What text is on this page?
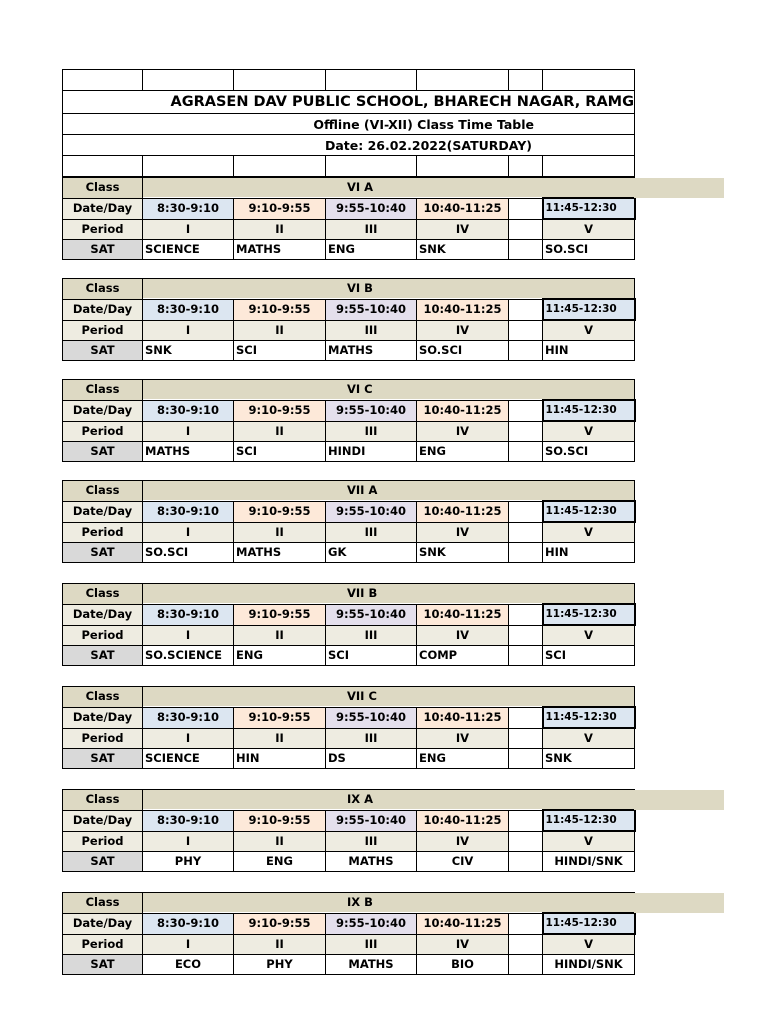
AGRASEN DAV PUBLIC SCHOOL, BHARECH NAGAR, RAMG						
Offline (VI-XII) Class Time Table						
Date: 26.02.2022(SATURDAY)						

Class	VI A					
Date/Day	8:30-9:10	9:10-9:55	9:55-10:40	10:40-11:25		11:45-12:30
Period	I	II	III	IV		V
SAT	SCIENCE	MATHS	ENG	SNK		SO.SCI
Class	VI B					
Date/Day	8:30-9:10	9:10-9:55	9:55-10:40	10:40-11:25		11:45-12:30
Period	I	II	III	IV		V
SAT	SNK	SCI	MATHS	SO.SCI		HIN
Class	VI C					
Date/Day	8:30-9:10	9:10-9:55	9:55-10:40	10:40-11:25		11:45-12:30
Period	I	II	III	IV		V
SAT	MATHS	SCI	HINDI	ENG		SO.SCI
Class	VII A					
Date/Day	8:30-9:10	9:10-9:55	9:55-10:40	10:40-11:25		11:45-12:30
Period	I	II	III	IV		V
SAT	SO.SCI	MATHS	GK	SNK		HIN
Class	VII B					
Date/Day	8:30-9:10	9:10-9:55	9:55-10:40	10:40-11:25		11:45-12:30
Period	I	II	III	IV		V
SAT	SO.SCIENCE	ENG	SCI	COMP		SCI
Class	VII C					
Date/Day	8:30-9:10	9:10-9:55	9:55-10:40	10:40-11:25		11:45-12:30
Period	I	II	III	IV		V
SAT	SCIENCE	HIN	DS	ENG		SNK
Class	IX A					
Date/Day	8:30-9:10	9:10-9:55	9:55-10:40	10:40-11:25		11:45-12:30
Period	I	II	III	IV		V
SAT	PHY	ENG	MATHS	CIV		HINDI/SNK
Class	IX B					
Date/Day	8:30-9:10	9:10-9:55	9:55-10:40	10:40-11:25		11:45-12:30
Period	I	II	III	IV		V
SAT	ECO	PHY	MATHS	BIO		HINDI/SNK
